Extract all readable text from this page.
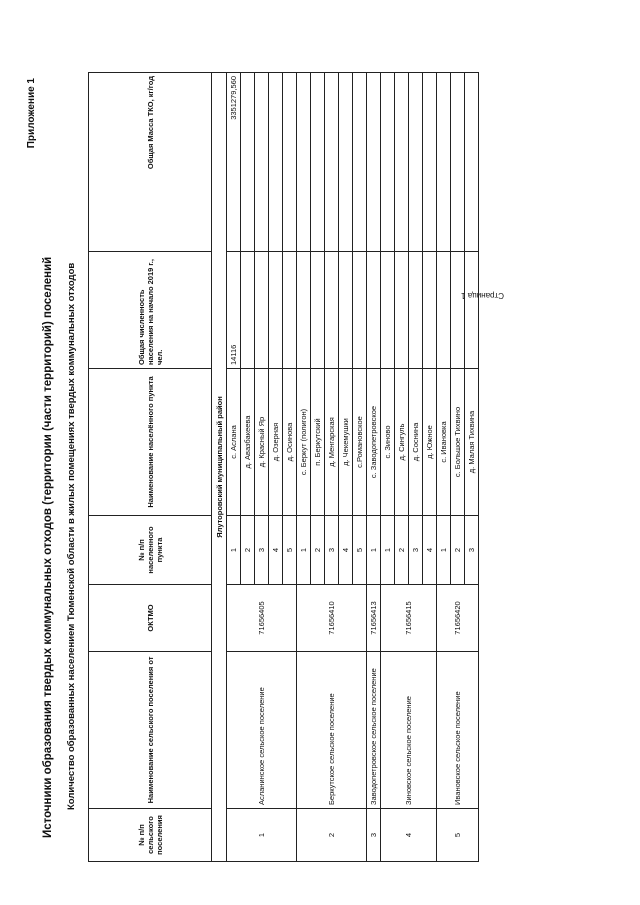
Приложение 1
Источники образования твердых коммунальных отходов (территории (части территорий) поселений Количество образованных населением Тюменской области в жилых помещениях твердых коммунальных отходов
№ п/п сельского поселения	Наименование сельского поселения от	ОКТМО	№ п/п населенного пункта	Наименование населённого пункта	Общая численность населения на начало 2019 г., чел.	Общая Масса ТКО, кг/год
Ялуторовский муниципальный район						
1	Асланинское сельское поселение	71656405	1	с. Аслана	14116	3351279,560
			2	д. Авазбакеева		
			3	д. Красный Яр		
			4	д. Озерная		
			5	д. Осинова		
2	Беркутское сельское поселение	71656410	1	с. Беркут (полигон)		
			2	п. Беркутский		
			3	д. Менгарская		
			4	д. Чекемушки		
			5	с.Романовское		
3	Заводопетровское сельское поселение	71656413	1	с. Заводопетровское		
4	Зиновское сельское поселение	71656415	1	с. Зиново		
			2	д. Сингуль		
			3	д. Соснина		
			4	д. Южное		
5	Ивановское сельское поселение	71656420	1	с. Ивановка		
			2	с. Большое Тихвино		
			3	д. Малая Тихвина		
Страница 1
